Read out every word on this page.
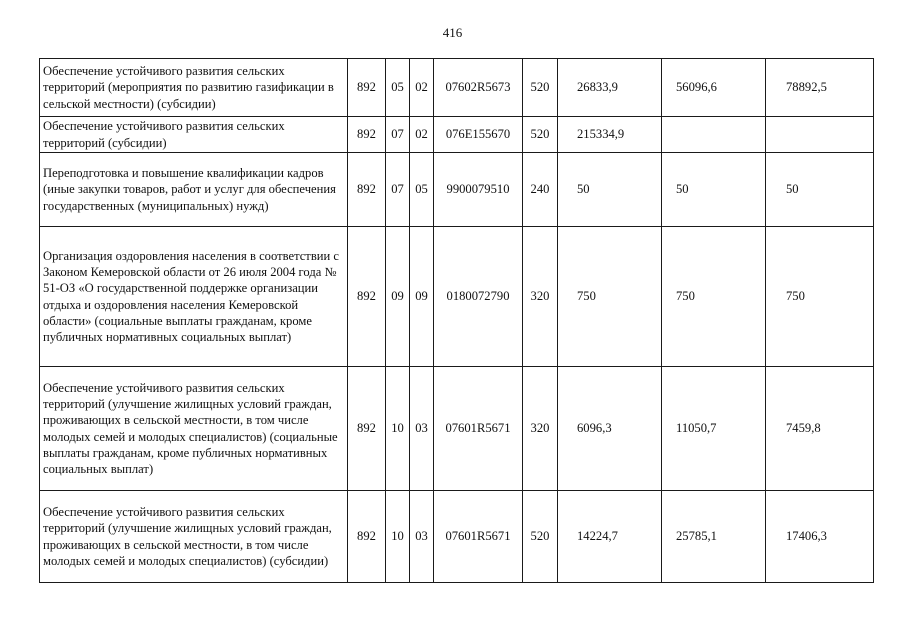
416
Обеспечение устойчивого развития сельских территорий (мероприятия по развитию газификации в сельской местности) (субсидии)	892	05	02	07602R5673	520	26833,9	56096,6	78892,5
Обеспечение устойчивого развития сельских территорий (субсидии)	892	07	02	076E155670	520	215334,9		
Переподготовка и повышение квалификации кадров (иные закупки товаров, работ и услуг для обеспечения государственных (муниципальных) нужд)	892	07	05	9900079510	240	50	50	50
Организация оздоровления населения в соответствии с Законом Кемеровской области от 26 июля 2004 года № 51-ОЗ «О государственной поддержке организации отдыха и оздоровления населения Кемеровской области» (социальные выплаты гражданам, кроме публичных нормативных социальных выплат)	892	09	09	0180072790	320	750	750	750
Обеспечение устойчивого развития сельских территорий (улучшение жилищных условий граждан, проживающих в сельской местности, в том числе молодых семей и молодых специалистов) (социальные выплаты гражданам, кроме публичных нормативных социальных выплат)	892	10	03	07601R5671	320	6096,3	11050,7	7459,8
Обеспечение устойчивого развития сельских территорий (улучшение жилищных условий граждан, проживающих в сельской местности, в том числе молодых семей и молодых специалистов) (субсидии)	892	10	03	07601R5671	520	14224,7	25785,1	17406,3
